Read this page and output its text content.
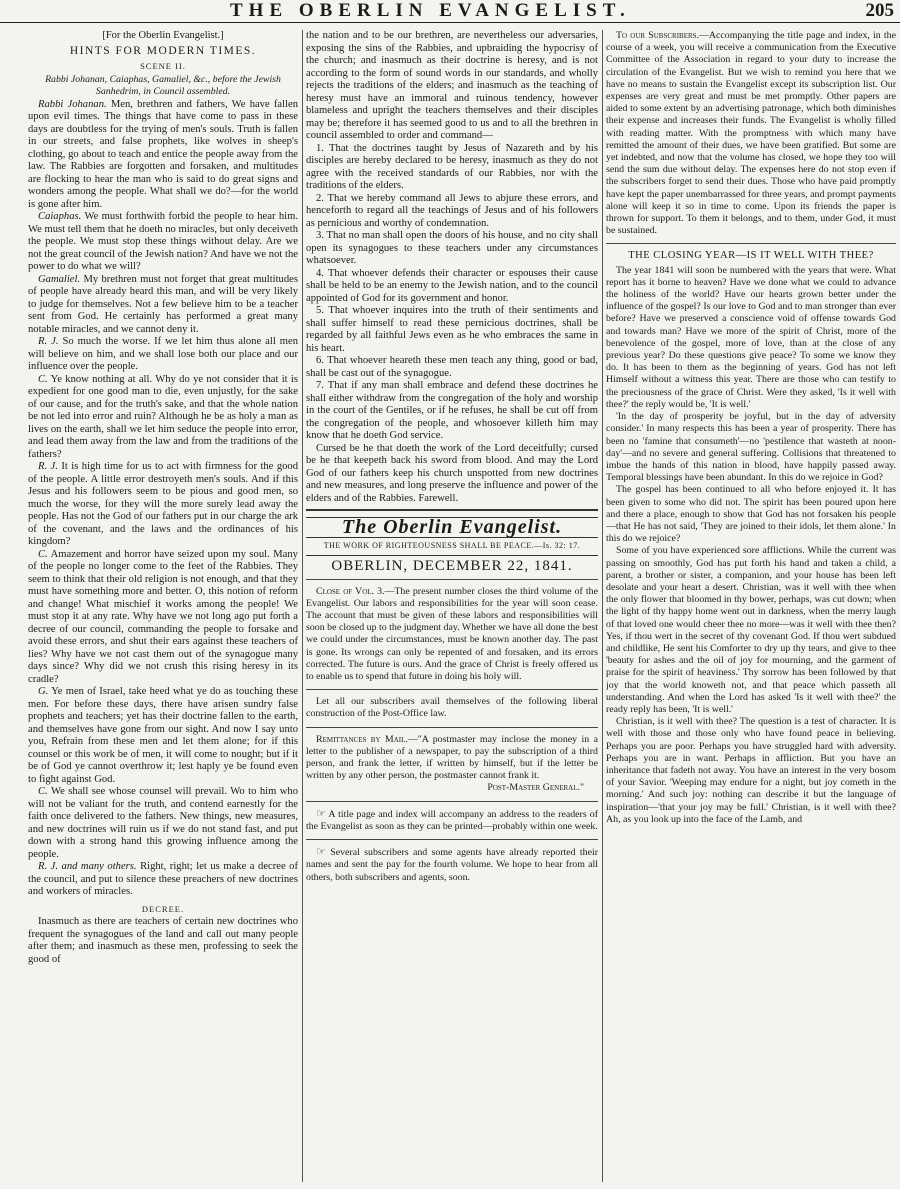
THE OBERLIN EVANGELIST.	205

[For the Oberlin Evangelist.]

HINTS FOR MODERN TIMES.

SCENE II.

Rabbi Johanan, Caiaphas, Gamaliel, &c., before the Jewish Sanhedrim, in Council assembled.

Rabbi Johanan. Men, brethren and fathers, We have fallen upon evil times. The things that have come to pass in these days are doubtless for the trying of men's souls. Truth is fallen in our streets, and false prophets, like wolves in sheep's clothing, go about to teach and entice the people away from the law. The Rabbies are forgotten and forsaken, and multitudes are flocking to hear the man who is said to do great signs and wonders among the people. What shall we do?—for the world is gone after him.

Caiaphas. We must forthwith forbid the people to hear him. We must tell them that he doeth no miracles, but only deceiveth the people. We must stop these things without delay. Are we not the great council of the Jewish nation? And have we not the power to do what we will?

Gamaliel. My brethren must not forget that great multitudes of people have already heard this man, and will be very likely to judge for themselves. Not a few believe him to be a teacher sent from God. He certainly has performed a great many notable miracles, and we cannot deny it.

R. J. So much the worse. If we let him thus alone all men will believe on him, and we shall lose both our place and our influence over the people.

C. Ye know nothing at all. Why do ye not consider that it is expedient for one good man to die, even unjustly, for the sake of our cause, and for the truth's sake, and that the whole nation be not led into error and ruin? Although he be as holy a man as lives on the earth, shall we let him seduce the people into error, and lead them away from the law and from the traditions of the fathers?

R. J. It is high time for us to act with firmness for the good of the people. A little error destroyeth men's souls. And if this Jesus and his followers seem to be pious and good men, so much the worse, for they will the more surely lead away the people. Has not the God of our fathers put in our charge the ark of the covenant, and the laws and the ordinances of his kingdom?

C. Amazement and horror have seized upon my soul. Many of the people no longer come to the feet of the Rabbies. They seem to think that their old religion is not enough, and that they must have something more and better. O, this notion of reform and change! What mischief it works among the people! We must stop it at any rate. Why have we not long ago put forth a decree of our council, commanding the people to forsake and avoid these errors, and shut their ears against these teachers of lies? Why have we not cast them out of the synagogue many days since? Why did we not crush this rising heresy in its cradle?

G. Ye men of Israel, take heed what ye do as touching these men. For before these days, there have arisen sundry false prophets and teachers; yet has their doctrine fallen to the earth, and themselves have gone from our sight. And now I say unto you, Refrain from these men and let them alone; for if this counsel or this work be of men, it will come to nought; but if it be of God ye cannot overthrow it; lest haply ye be found even to fight against God.

C. We shall see whose counsel will prevail. Wo to him who will not be valiant for the truth, and contend earnestly for the faith once delivered to the fathers. New things, new measures, and new doctrines will ruin us if we do not stand fast, and put down with a strong hand this growing influence among the people.

R. J. and many others. Right, right; let us make a decree of the council, and put to silence these preachers of new doctrines and workers of miracles.

DECREE.

Inasmuch as there are teachers of certain new doctrines who frequent the synagogues of the land and call out many people after them; and inasmuch as these men, professing to seek the good of

the nation and to be our brethren, are nevertheless our adversaries, exposing the sins of the Rabbies, and upbraiding the hypocrisy of the church; and inasmuch as their doctrine is heresy, and is not according to the form of sound words in our standards, and wholly rejects the traditions of the elders; and inasmuch as the teaching of heresy must have an immoral and ruinous tendency, however blameless and upright the teachers themselves and their disciples may be; therefore it has seemed good to us and to all the brethren in council assembled to order and command—

1. That the doctrines taught by Jesus of Nazareth and by his disciples are hereby declared to be heresy, inasmuch as they do not agree with the received standards of our Rabbies, nor with the traditions of the elders.

2. That we hereby command all Jews to abjure these errors, and henceforth to regard all the teachings of Jesus and of his followers as pernicious and worthy of condemnation.

3. That no man shall open the doors of his house, and no city shall open its synagogues to these teachers under any circumstances whatsoever.

4. That whoever defends their character or espouses their cause shall be held to be an enemy to the Jewish nation, and to the council appointed of God for its government and honor.

5. That whoever inquires into the truth of their sentiments and shall suffer himself to read these pernicious doctrines, shall be regarded by all faithful Jews even as he who embraces the same in his heart.

6. That whoever heareth these men teach any thing, good or bad, shall be cast out of the synagogue.

7. That if any man shall embrace and defend these doctrines he shall either withdraw from the congregation of the holy and worship in the court of the Gentiles, or if he refuses, he shall be cut off from the congregation of the people, and whosoever killeth him may know that he doeth God service.

Cursed be he that doeth the work of the Lord deceitfully; cursed be he that keepeth back his sword from blood. And may the Lord God of our fathers keep his church unspotted from new doctrines and new measures, and long preserve the influence and power of the elders and of the Rabbies. Farewell.

The Oberlin Evangelist.

THE WORK OF RIGHTEOUSNESS SHALL BE PEACE.—Is. 32: 17.

OBERLIN, DECEMBER 22, 1841.

Close of Vol. 3.—The present number closes the third volume of the Evangelist. Our labors and responsibilities for the year will soon cease. The account that must be given of these labors and responsibilities will soon be closed up to the judgment day. Whether we have all done the best we could under the circumstances, must be known another day. The past is gone. Its wrongs can only be repented of and forsaken, and its errors corrected. The future is ours. And the grace of Christ is freely offered us to enable us to spend that future in doing his holy will.

Let all our subscribers avail themselves of the following liberal construction of the Post-Office law.

Remittances by Mail.—"A postmaster may inclose the money in a letter to the publisher of a newspaper, to pay the subscription of a third person, and frank the letter, if written by himself, but if the letter be written by any other person, the postmaster cannot frank it.

Post-Master General."

☞ A title page and index will accompany an address to the readers of the Evangelist as soon as they can be printed—probably within one week.

☞ Several subscribers and some agents have already reported their names and sent the pay for the fourth volume. We hope to hear from all others, both subscribers and agents, soon.

To our Subscribers.—Accompanying the title page and index, in the course of a week, you will receive a communication from the Executive Committee of the Association in regard to your duty to increase the circulation of the Evangelist. But we wish to remind you here that we have no means to sustain the Evangelist except its subscription list. Our expenses are very great and must be met promptly. Other papers are aided to some extent by an advertising patronage, which both diminishes their expense and increases their funds. The Evangelist is wholly filled with reading matter. With the promptness with which many have remitted the amount of their dues, we have been gratified. But some are yet indebted, and now that the volume has closed, we hope they too will send the sum due without delay. The expenses here do not stop even if the subscribers forget to send their dues. Those who have paid promptly have kept the paper unembarrassed for three years, and prompt payments alone will keep it so in time to come. Upon its friends the paper is thrown for support. To them it belongs, and to them, under God, it must be sustained.

THE CLOSING YEAR—IS IT WELL WITH THEE?

The year 1841 will soon be numbered with the years that were. What report has it borne to heaven? Have we done what we could to advance the holiness of the world? Have our hearts grown better under the influence of the gospel? Is our love to God and to man stronger than ever before? Have we preserved a conscience void of offense towards God and towards man? Have we more of the spirit of Christ, more of the benevolence of the gospel, more of love, than at the close of any previous year? Do these questions give peace? To some we know they do. It has been to them as the beginning of years. God has not left Himself without a witness this year. There are those who can testify to the preciousness of the grace of Christ. Were they asked, 'Is it well with thee?' the reply would be, 'It is well.'

'In the day of prosperity be joyful, but in the day of adversity consider.' In many respects this has been a year of prosperity. There has been no 'famine that consumeth'—no 'pestilence that wasteth at noon-day'—and no severe and general suffering. Collisions that threatened to imbue the hands of this nation in blood, have happily passed away. Temporal blessings have been abundant. In this do we rejoice in God?

The gospel has been continued to all who before enjoyed it. It has been given to some who did not. The spirit has been poured upon here and there a place, enough to show that God has not forsaken his people—that He has not said, 'They are joined to their idols, let them alone.' In this do we rejoice?

Some of you have experienced sore afflictions. While the current was passing on smoothly, God has put forth his hand and taken a child, a parent, a brother or sister, a companion, and your house has been left desolate and your heart a desert. Christian, was it well with thee when the only flower that bloomed in thy bower, perhaps, was cut down; when the light of thy happy home went out in darkness, when the merry laugh of that loved one would cheer thee no more—was it well with thee then? Yes, if thou wert in the secret of thy covenant God. If thou wert subdued and childlike, He sent his Comforter to dry up thy tears, and give to thee 'beauty for ashes and the oil of joy for mourning, and the garment of praise for the spirit of heaviness.' Thy sorrow has been followed by that joy that the world knoweth not, and that peace which passeth all understanding. And when the Lord has asked 'Is it well with thee?' the ready reply has been, 'It is well.'

Christian, is it well with thee? The question is a test of character. It is well with those and those only who have found peace in believing. Perhaps you are poor. Perhaps you have struggled hard with adversity. Perhaps you are in want. Perhaps in affliction. But you have an inheritance that fadeth not away. You have an interest in the very bosom of your Savior. 'Weeping may endure for a night, but joy cometh in the morning.' And such joy: nothing can describe it but the language of inspiration—'that your joy may be full.' Christian, is it well with thee? Ah, as you look up into the face of the Lamb, and
